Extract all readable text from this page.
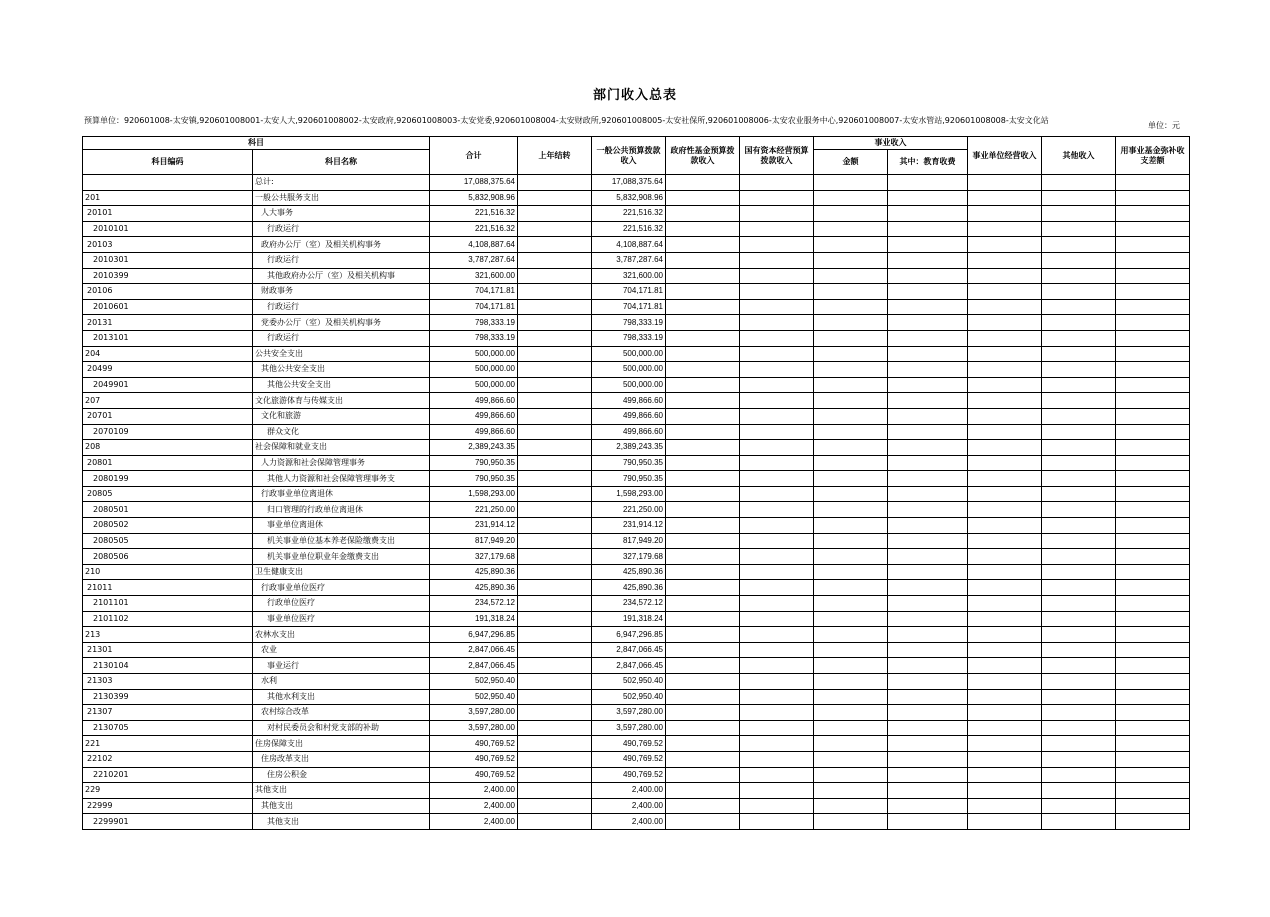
部门收入总表
预算单位：920601008-太安镇,920601008001-太安人大,920601008002-太安政府,920601008003-太安党委,920601008004-太安财政所,920601008005-太安社保所,920601008006-太安农业服务中心,920601008007-太安水管站,920601008008-太安文化站
单位：元
科目		合计	上年结转	一般公共预算拨款收入	政府性基金预算拨款收入	国有资本经营预算拨款收入	事业收入		事业单位经营收入	其他收入	用事业基金弥补收支差额
科目编码	科目名称						金额	其中：教育收费			
	总计:	17,088,375.64		17,088,375.64							
201	一般公共服务支出	5,832,908.96		5,832,908.96							
20101	人大事务	221,516.32		221,516.32							
2010101	行政运行	221,516.32		221,516.32							
20103	政府办公厅（室）及相关机构事务	4,108,887.64		4,108,887.64							
2010301	行政运行	3,787,287.64		3,787,287.64							
2010399	其他政府办公厅（室）及相关机构事	321,600.00		321,600.00							
20106	财政事务	704,171.81		704,171.81							
2010601	行政运行	704,171.81		704,171.81							
20131	党委办公厅（室）及相关机构事务	798,333.19		798,333.19							
2013101	行政运行	798,333.19		798,333.19							
204	公共安全支出	500,000.00		500,000.00							
20499	其他公共安全支出	500,000.00		500,000.00							
2049901	其他公共安全支出	500,000.00		500,000.00							
207	文化旅游体育与传媒支出	499,866.60		499,866.60							
20701	文化和旅游	499,866.60		499,866.60							
2070109	群众文化	499,866.60		499,866.60							
208	社会保障和就业支出	2,389,243.35		2,389,243.35							
20801	人力资源和社会保障管理事务	790,950.35		790,950.35							
2080199	其他人力资源和社会保障管理事务支	790,950.35		790,950.35							
20805	行政事业单位离退休	1,598,293.00		1,598,293.00							
2080501	归口管理的行政单位离退休	221,250.00		221,250.00							
2080502	事业单位离退休	231,914.12		231,914.12							
2080505	机关事业单位基本养老保险缴费支出	817,949.20		817,949.20							
2080506	机关事业单位职业年金缴费支出	327,179.68		327,179.68							
210	卫生健康支出	425,890.36		425,890.36							
21011	行政事业单位医疗	425,890.36		425,890.36							
2101101	行政单位医疗	234,572.12		234,572.12							
2101102	事业单位医疗	191,318.24		191,318.24							
213	农林水支出	6,947,296.85		6,947,296.85							
21301	农业	2,847,066.45		2,847,066.45							
2130104	事业运行	2,847,066.45		2,847,066.45							
21303	水利	502,950.40		502,950.40							
2130399	其他水利支出	502,950.40		502,950.40							
21307	农村综合改革	3,597,280.00		3,597,280.00							
2130705	对村民委员会和村党支部的补助	3,597,280.00		3,597,280.00							
221	住房保障支出	490,769.52		490,769.52							
22102	住房改革支出	490,769.52		490,769.52							
2210201	住房公积金	490,769.52		490,769.52							
229	其他支出	2,400.00		2,400.00							
22999	其他支出	2,400.00		2,400.00							
2299901	其他支出	2,400.00		2,400.00							
